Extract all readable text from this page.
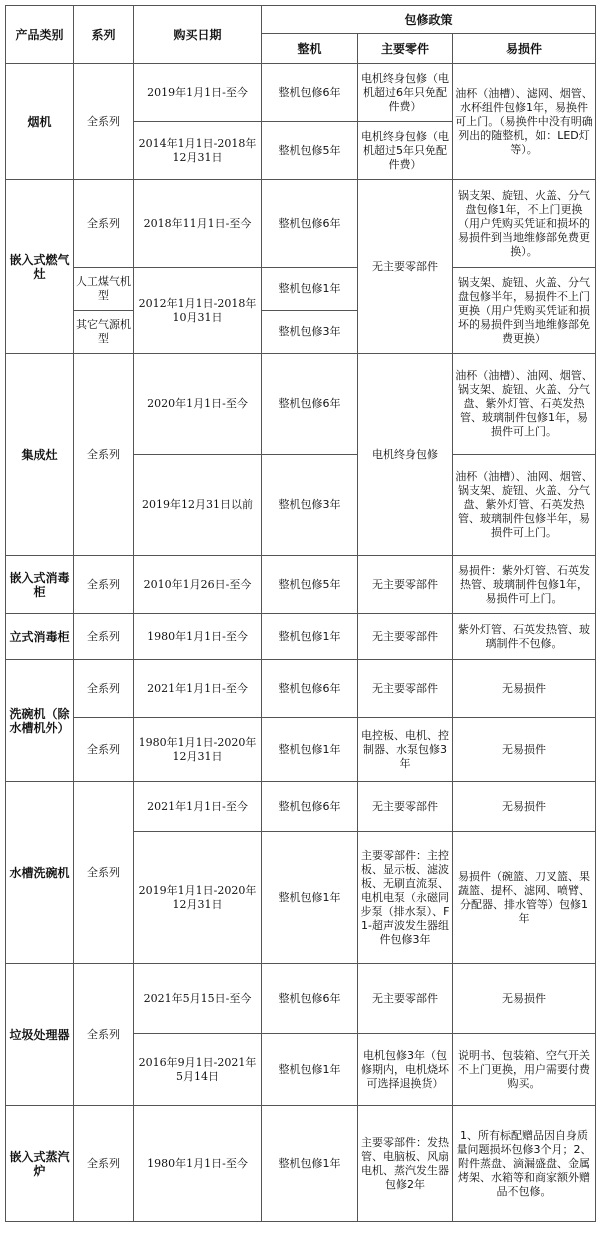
产品类别	系列	购买日期	包修政策		
			整机	主要零件	易损件
烟机	全系列	2019年1月1日-至今	整机包修6年	电机终身包修（电机超过6年只免配件费）	油杯（油槽）、滤网、烟管、水杯组件包修1年，易换件可上门。（易换件中没有明确列出的随整机，如：LED灯等）。
		2014年1月1日-2018年12月31日	整机包修5年	电机终身包修（电机超过5年只免配件费）	
嵌入式燃气灶	全系列	2018年11月1日-至今	整机包修6年	无主要零部件	锅支架、旋钮、火盖、分气盘包修1年，不上门更换（用户凭购买凭证和损坏的易损件到当地维修部免费更换）。
	人工煤气机型	2012年1月1日-2018年10月31日	整机包修1年		锅支架、旋钮、火盖、分气盘包修半年，易损件不上门更换（用户凭购买凭证和损坏的易损件到当地维修部免费更换）
	其它气源机型		整机包修3年		
集成灶	全系列	2020年1月1日-至今	整机包修6年	电机终身包修	油杯（油槽）、油网、烟管、锅支架、旋钮、火盖、分气盘、紫外灯管、石英发热管、玻璃制件包修1年，易损件可上门。
		2019年12月31日以前	整机包修3年		油杯（油槽）、油网、烟管、锅支架、旋钮、火盖、分气盘、紫外灯管、石英发热管、玻璃制件包修半年，易损件可上门。
嵌入式消毒柜	全系列	2010年1月26日-至今	整机包修5年	无主要零部件	易损件：紫外灯管、石英发热管、玻璃制件包修1年，易损件可上门。
立式消毒柜	全系列	1980年1月1日-至今	整机包修1年	无主要零部件	紫外灯管、石英发热管、玻璃制件不包修。
洗碗机（除水槽机外）	全系列	2021年1月1日-至今	整机包修6年	无主要零部件	无易损件
	全系列	1980年1月1日-2020年12月31日	整机包修1年	电控板、电机、控制器、水泵包修3年	无易损件
水槽洗碗机	全系列	2021年1月1日-至今	整机包修6年	无主要零部件	无易损件
		2019年1月1日-2020年12月31日	整机包修1年	主要零部件：主控板、显示板、滤波板、无刷直流泵、电机电泵（永磁同步泵（排水泵）、F1-超声波发生器组件包修3年	易损件（碗篮、刀叉篮、果蔬篮、提杯、滤网、喷臂、分配器、排水管等）包修1年
垃圾处理器	全系列	2021年5月15日-至今	整机包修6年	无主要零部件	无易损件
		2016年9月1日-2021年5月14日	整机包修1年	电机包修3年（包修期内，电机烧坏可选择退换货）	说明书、包装箱、空气开关不上门更换，用户需要付费购买。
嵌入式蒸汽炉	全系列	1980年1月1日-至今	整机包修1年	主要零部件：发热管、电脑板、风扇电机、蒸汽发生器包修2年	1、所有标配赠品因自身质量问题损坏包修3个月；2、附件蒸盘、滴漏盛盘、金属烤架、水箱等和商家额外赠品不包修。
